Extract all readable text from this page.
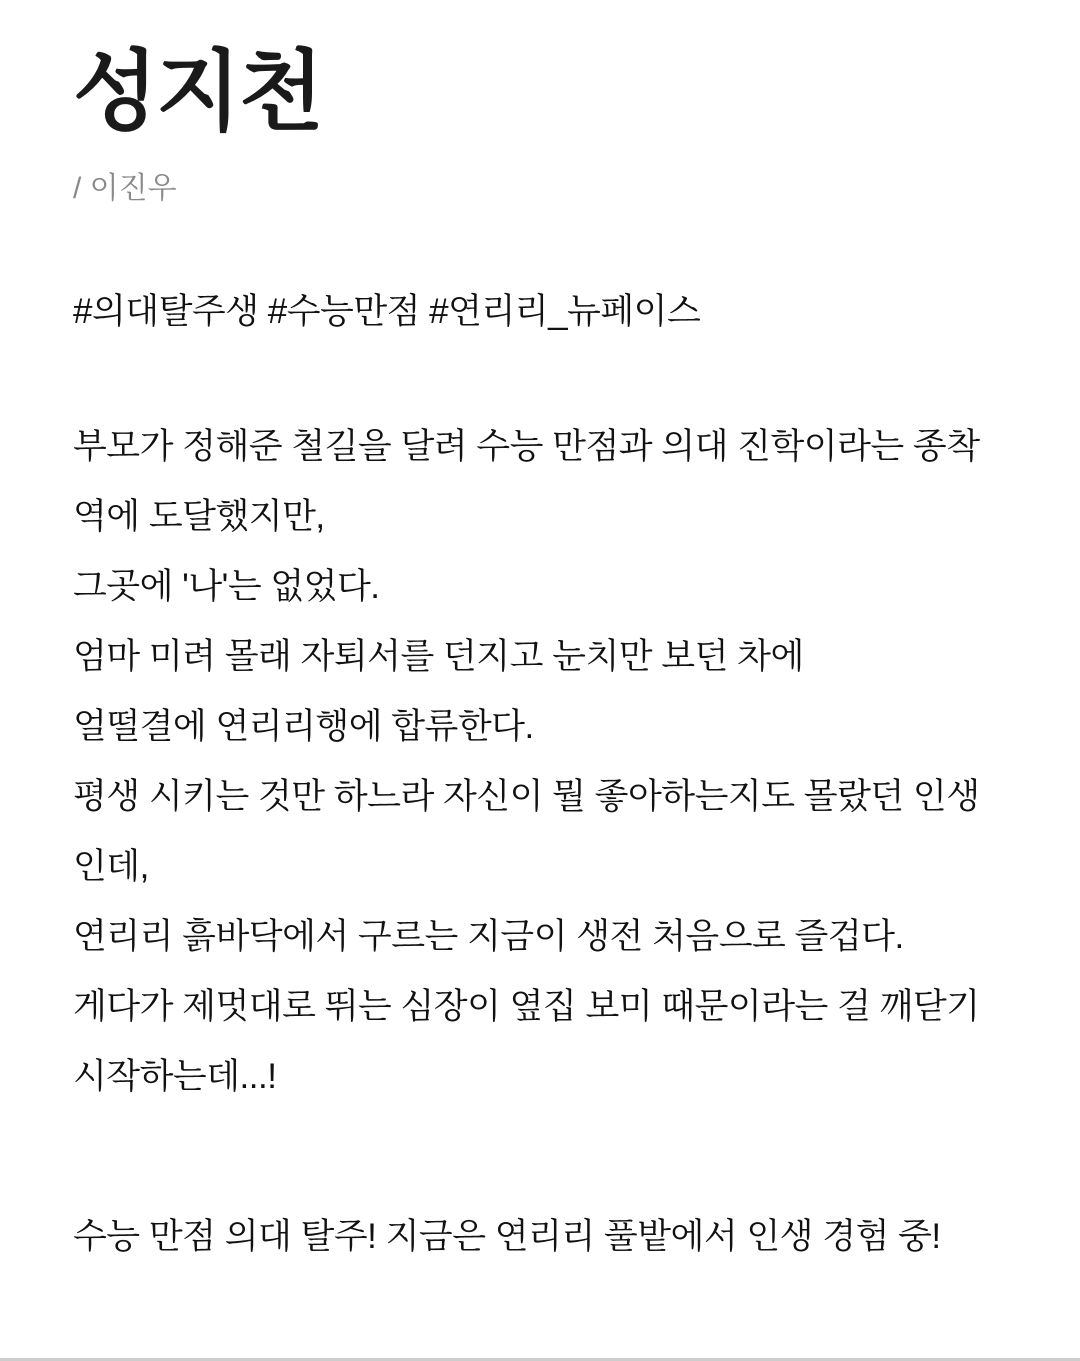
성지천
/ 이진우

#의대탈주생 #수능만점 #연리리_뉴페이스

부모가 정해준 철길을 달려 수능 만점과 의대 진학이라는 종착

역에 도달했지만,

그곳에 '나'는 없었다.

엄마 미려 몰래 자퇴서를 던지고 눈치만 보던 차에

얼떨결에 연리리행에 합류한다.

평생 시키는 것만 하느라 자신이 뭘 좋아하는지도 몰랐던 인생

인데,

연리리 흙바닥에서 구르는 지금이 생전 처음으로 즐겁다.

게다가 제멋대로 뛰는 심장이 옆집 보미 때문이라는 걸 깨닫기

시작하는데...!

수능 만점 의대 탈주! 지금은 연리리 풀밭에서 인생 경험 중!
